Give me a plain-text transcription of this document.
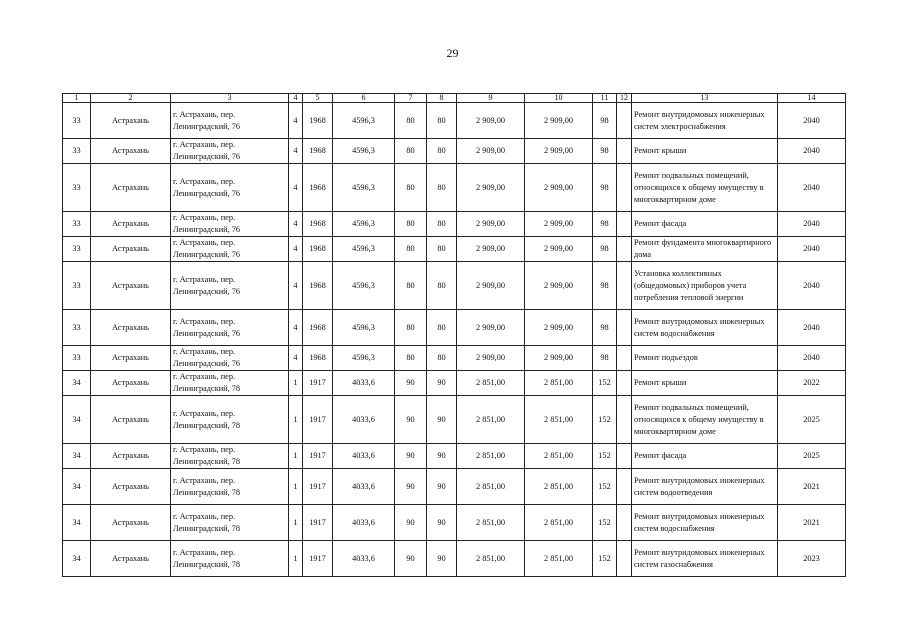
29
1	2	3	4	5	6	7	8	9	10	11	12	13	14
33	Астрахань	г. Астрахань, пер. Ленинградский, 76	4	1968	4596,3	80	80	2 909,00	2 909,00	98		Ремонт внутридомовых инженерных систем электроснабжения	2040
33	Астрахань	г. Астрахань, пер. Ленинградский, 76	4	1968	4596,3	80	80	2 909,00	2 909,00	98		Ремонт крыши	2040
33	Астрахань	г. Астрахань, пер. Ленинградский, 76	4	1968	4596,3	80	80	2 909,00	2 909,00	98		Ремонт подвальных помещений, относящихся к общему имуществу в многоквартирном доме	2040
33	Астрахань	г. Астрахань, пер. Ленинградский, 76	4	1968	4596,3	80	80	2 909,00	2 909,00	98		Ремонт фасада	2040
33	Астрахань	г. Астрахань, пер. Ленинградский, 76	4	1968	4596,3	80	80	2 909,00	2 909,00	98		Ремонт фундамента многоквартирного дома	2040
33	Астрахань	г. Астрахань, пер. Ленинградский, 76	4	1968	4596,3	80	80	2 909,00	2 909,00	98		Установка коллективных (общедомовых) приборов учета потребления тепловой энергии	2040
33	Астрахань	г. Астрахань, пер. Ленинградский, 76	4	1968	4596,3	80	80	2 909,00	2 909,00	98		Ремонт внутридомовых инженерных систем водоснабжения	2040
33	Астрахань	г. Астрахань, пер. Ленинградский, 76	4	1968	4596,3	80	80	2 909,00	2 909,00	98		Ремонт подъездов	2040
34	Астрахань	г. Астрахань, пер. Ленинградский, 78	1	1917	4033,6	90	90	2 851,00	2 851,00	152		Ремонт крыши	2022
34	Астрахань	г. Астрахань, пер. Ленинградский, 78	1	1917	4033,6	90	90	2 851,00	2 851,00	152		Ремонт подвальных помещений, относящихся к общему имуществу в многоквартирном доме	2025
34	Астрахань	г. Астрахань, пер. Ленинградский, 78	1	1917	4033,6	90	90	2 851,00	2 851,00	152		Ремонт фасада	2025
34	Астрахань	г. Астрахань, пер. Ленинградский, 78	1	1917	4033,6	90	90	2 851,00	2 851,00	152		Ремонт внутридомовых инженерных систем водоотведения	2021
34	Астрахань	г. Астрахань, пер. Ленинградский, 78	1	1917	4033,6	90	90	2 851,00	2 851,00	152		Ремонт внутридомовых инженерных систем водоснабжения	2021
34	Астрахань	г. Астрахань, пер. Ленинградский, 78	1	1917	4033,6	90	90	2 851,00	2 851,00	152		Ремонт внутридомовых инженерных систем газоснабжения	2023
